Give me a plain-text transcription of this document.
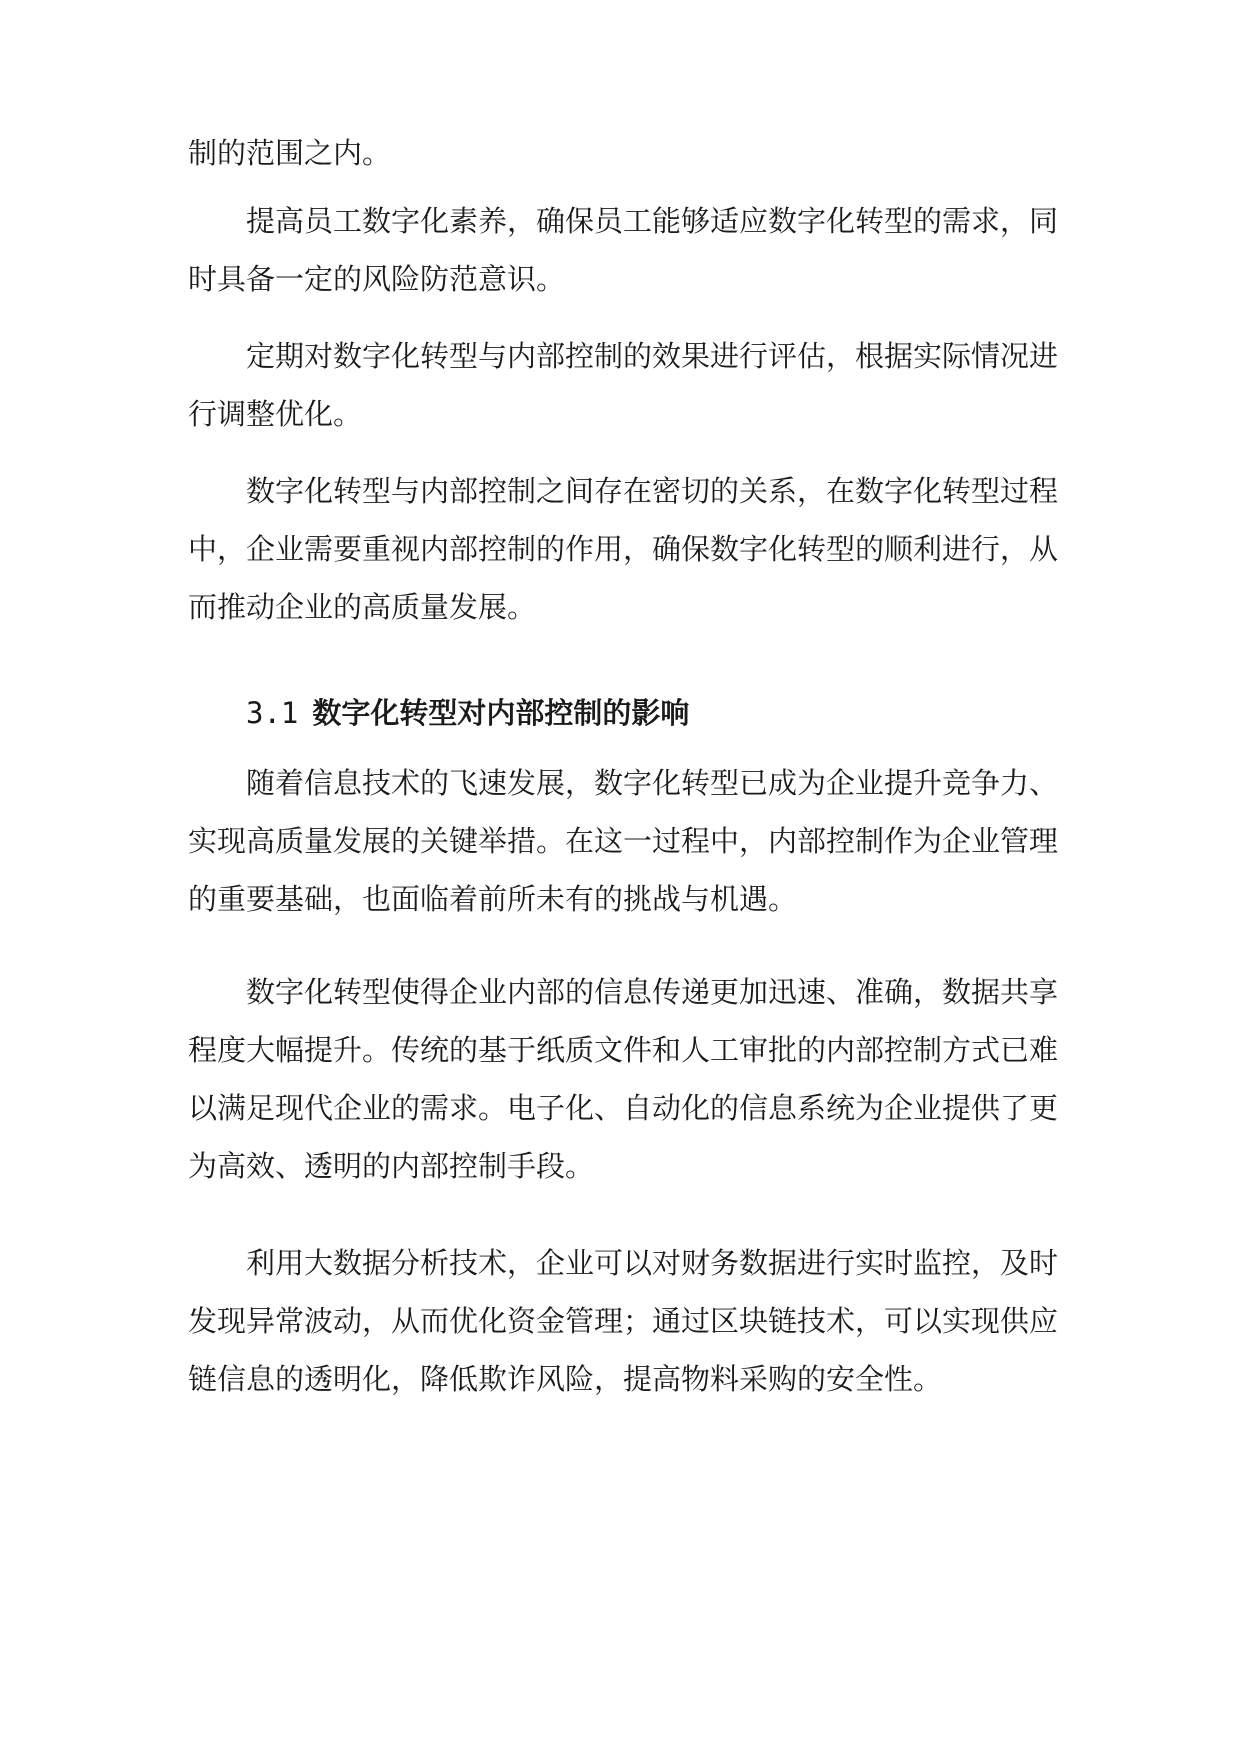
制的范围之内。

提高员工数字化素养，确保员工能够适应数字化转型的需求，同时具备一定的风险防范意识。

定期对数字化转型与内部控制的效果进行评估，根据实际情况进行调整优化。

数字化转型与内部控制之间存在密切的关系，在数字化转型过程中，企业需要重视内部控制的作用，确保数字化转型的顺利进行，从而推动企业的高质量发展。

3.1 数字化转型对内部控制的影响

随着信息技术的飞速发展，数字化转型已成为企业提升竞争力、实现高质量发展的关键举措。在这一过程中，内部控制作为企业管理的重要基础，也面临着前所未有的挑战与机遇。

数字化转型使得企业内部的信息传递更加迅速、准确，数据共享程度大幅提升。传统的基于纸质文件和人工审批的内部控制方式已难以满足现代企业的需求。电子化、自动化的信息系统为企业提供了更为高效、透明的内部控制手段。

利用大数据分析技术，企业可以对财务数据进行实时监控，及时发现异常波动，从而优化资金管理；通过区块链技术，可以实现供应链信息的透明化，降低欺诈风险，提高物料采购的安全性。
